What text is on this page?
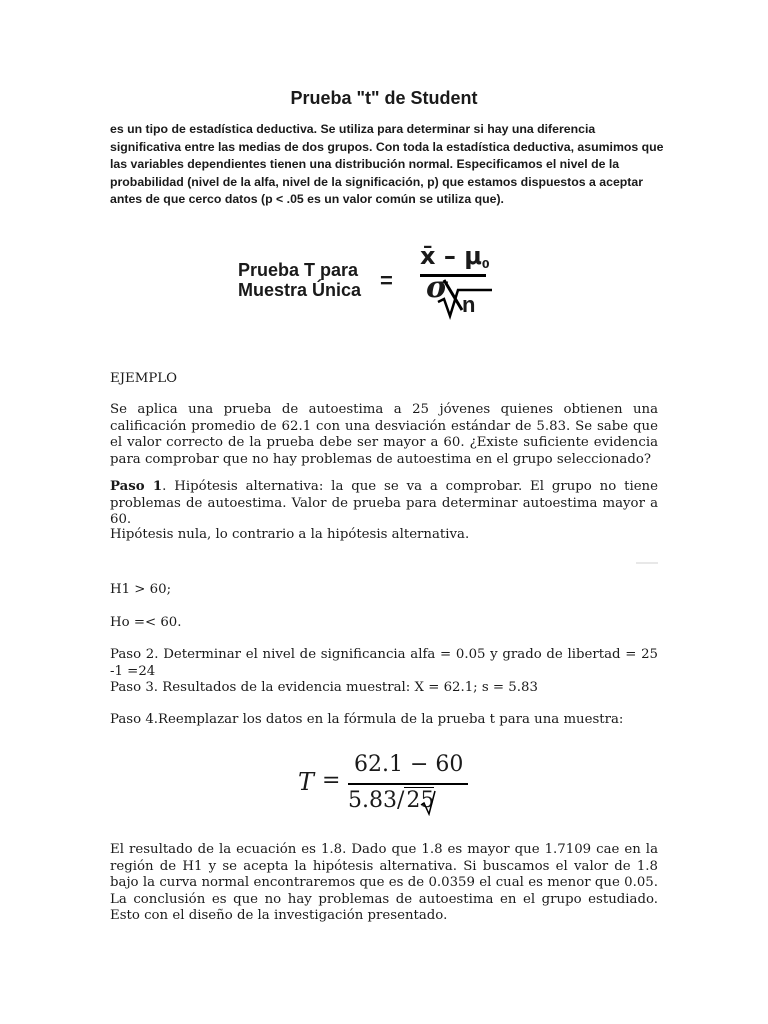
Prueba "t" de Student

es un tipo de estadística deductiva. Se utiliza para determinar si hay una diferencia significativa entre las medias de dos grupos. Con toda la estadística deductiva, asumimos que las variables dependientes tienen una distribución normal. Especificamos el nivel de la probabilidad (nivel de la alfa, nivel de la significación, p) que estamos dispuestos a aceptar antes de que cerco datos (p < .05 es un valor común se utiliza que).

Prueba T para
Muestra Única =
x̄ – μ0
σ n
EJEMPLO

Se aplica una prueba de autoestima a 25 jóvenes quienes obtienen una calificación promedio de 62.1 con una desviación estándar de 5.83. Se sabe que el valor correcto de la prueba debe ser mayor a 60. ¿Existe suficiente evidencia para comprobar que no hay problemas de autoestima en el grupo seleccionado?

Paso 1. Hipótesis alternativa: la que se va a comprobar. El grupo no tiene problemas de autoestima. Valor de prueba para determinar autoestima mayor a 60.

Hipótesis nula, lo contrario a la hipótesis alternativa.

H1 > 60;

Ho =< 60.

Paso 2. Determinar el nivel de significancia alfa = 0.05 y grado de libertad = 25 -1 =24

Paso 3. Resultados de la evidencia muestral: X = 62.1; s = 5.83

Paso 4.Reemplazar los datos en la fórmula de la prueba t para una muestra:

T =
62.1 − 60
5.83/25

El resultado de la ecuación es 1.8. Dado que 1.8 es mayor que 1.7109 cae en la región de H1 y se acepta la hipótesis alternativa. Si buscamos el valor de 1.8 bajo la curva normal encontraremos que es de 0.0359 el cual es menor que 0.05. La conclusión es que no hay problemas de autoestima en el grupo estudiado. Esto con el diseño de la investigación presentado.
